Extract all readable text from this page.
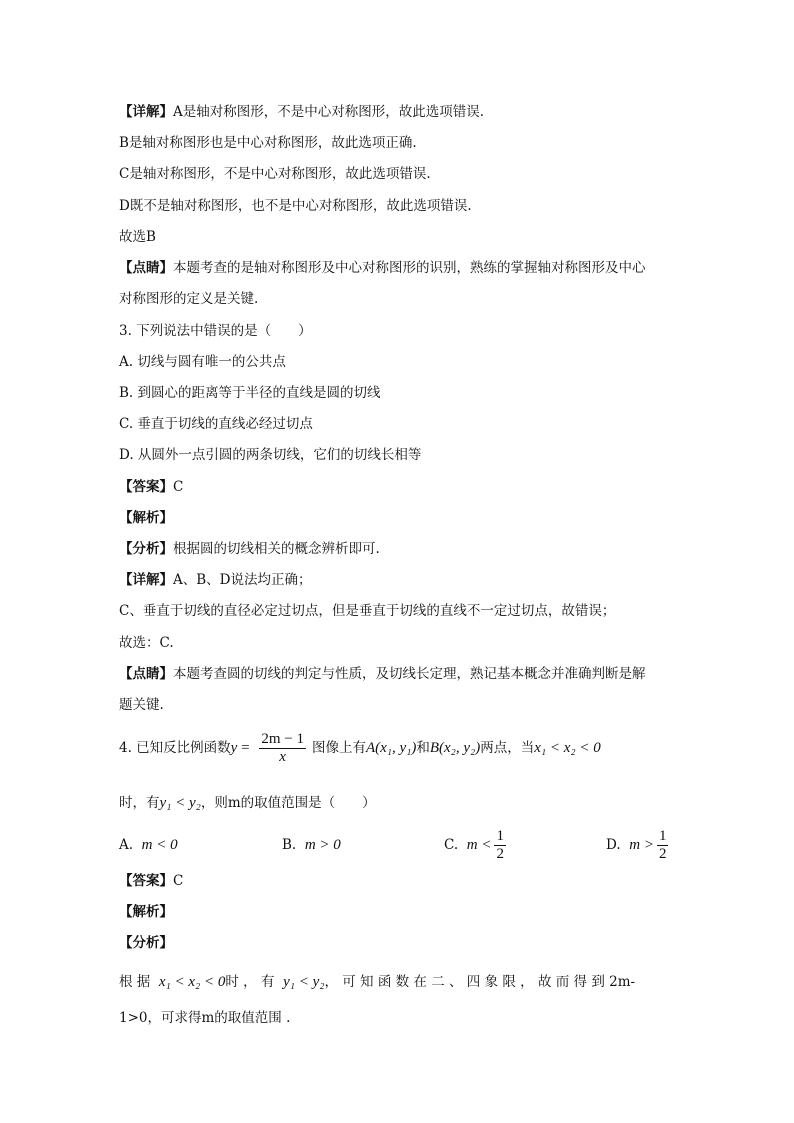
【详解】A是轴对称图形，不是中心对称图形，故此选项错误.
B是轴对称图形也是中心对称图形，故此选项正确.
C是轴对称图形，不是中心对称图形，故此选项错误.
D既不是轴对称图形，也不是中心对称图形，故此选项错误.
故选B
【点睛】本题考查的是轴对称图形及中心对称图形的识别，熟练的掌握轴对称图形及中心
对称图形的定义是关键.
3. 下列说法中错误的是（　　）
A. 切线与圆有唯一的公共点
B. 到圆心的距离等于半径的直线是圆的切线
C. 垂直于切线的直线必经过切点
D. 从圆外一点引圆的两条切线，它们的切线长相等
【答案】C
【解析】
【分析】根据圆的切线相关的概念辨析即可.
【详解】A、B、D说法均正确；
C、垂直于切线的直径必定过切点，但是垂直于切线的直线不一定过切点，故错误；
故选：C.
【点睛】本题考查圆的切线的判定与性质，及切线长定理，熟记基本概念并准确判断是解
题关键.
4. 已知反比例函数$y = \frac{2m - 1}{x}$ 图像上有A(x₁, y₁)和B(x₂, y₂)两点，当x₁ < x₂ < 0
时，有y₁ < y₂，则m的取值范围是（　　）
A. m < 0	B. m > 0	C. $m < \frac{1}{2}$	D. $m > \frac{1}{2}$
【答案】C
【解析】
【分析】
根 据 x₁ < x₂ < 0时 ， 有 y₁ < y₂， 可 知 函 数 在 二 、 四 象 限 ， 故 而 得 到 2m-
1>0，可求得m的取值范围 .
